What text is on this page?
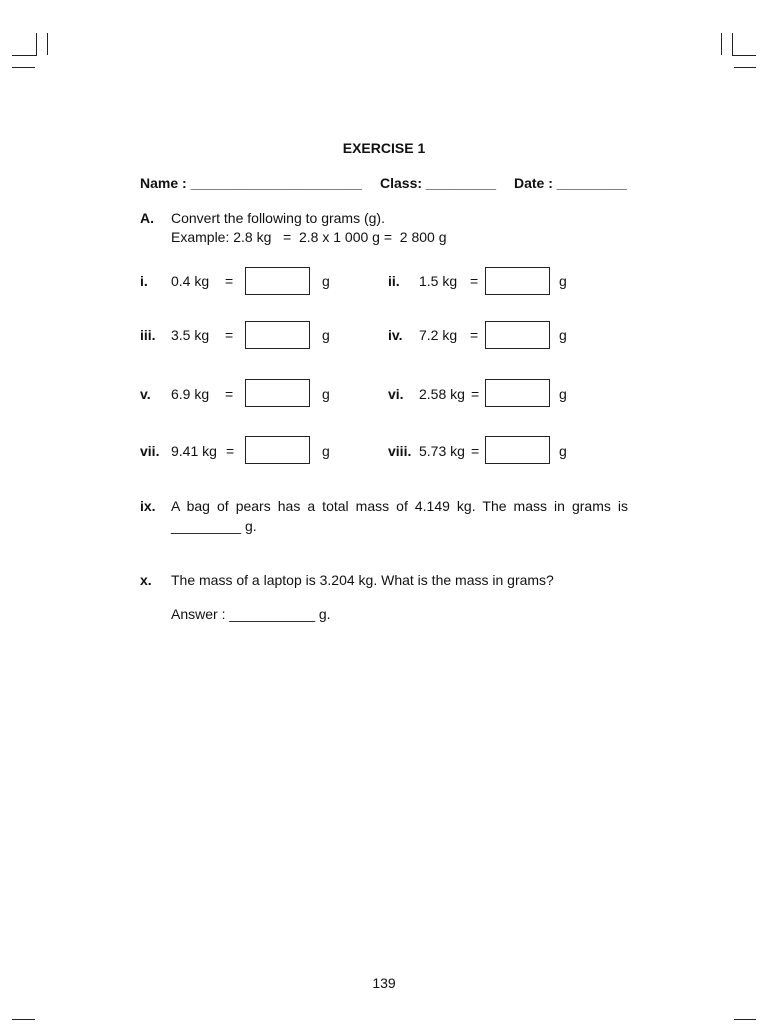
EXERCISE 1
Name : ______________________ Class: _________ Date : _________
A. Convert the following to grams (g).
Example: 2.8 kg   =  2.8 x 1 000 g =  2 800 g
i. 0.4 kg =	g	ii. 1.5 kg =	g
iii. 3.5 kg =	g	iv. 7.2 kg =	g
v. 6.9 kg =	g	vi. 2.58 kg =	g
vii. 9.41 kg =	g	viii. 5.73 kg =	g
ix. A bag of pears has a total mass of 4.149 kg. The mass in grams is _________ g.
x. The mass of a laptop is 3.204 kg. What is the mass in grams?
Answer : ___________ g.
139
